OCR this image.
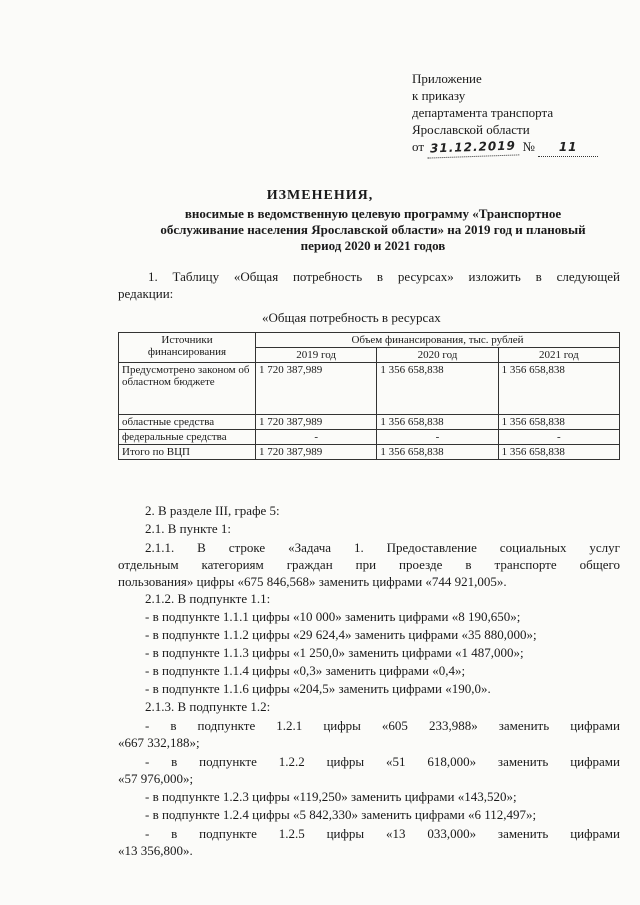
Приложение
к приказу
департамента транспорта
Ярославской области
от 31.12.2019 № 11
ИЗМЕНЕНИЯ,
вносимые в ведомственную целевую программу «Транспортное
обслуживание населения Ярославской области» на 2019 год и плановый
период 2020 и 2021 годов
1. Таблицу «Общая потребность в ресурсах» изложить в следующей
редакции:
«Общая потребность в ресурсах
Источники финансирования	Объем финансирования, тыс. рублей		
	2019 год	2020 год	2021 год
Предусмотрено законом об областном бюджете	1 720 387,989	1 356 658,838	1 356 658,838
областные средства	1 720 387,989	1 356 658,838	1 356 658,838
федеральные средства	-	-	-
Итого по ВЦП	1 720 387,989	1 356 658,838	1 356 658,838
2. В разделе III, графе 5:
2.1. В пункте 1:
2.1.1. В строке «Задача 1. Предоставление социальных услуг
отдельным категориям граждан при проезде в транспорте общего
пользования» цифры «675 846,568» заменить цифрами «744 921,005».
2.1.2. В подпункте 1.1:
- в подпункте 1.1.1 цифры «10 000» заменить цифрами «8 190,650»;
- в подпункте 1.1.2 цифры «29 624,4» заменить цифрами «35 880,000»;
- в подпункте 1.1.3 цифры «1 250,0» заменить цифрами «1 487,000»;
- в подпункте 1.1.4 цифры «0,3» заменить цифрами «0,4»;
- в подпункте 1.1.6 цифры «204,5» заменить цифрами «190,0».
2.1.3. В подпункте 1.2:
- в подпункте 1.2.1 цифры «605 233,988» заменить цифрами
«667 332,188»;
- в подпункте 1.2.2 цифры «51 618,000» заменить цифрами
«57 976,000»;
- в подпункте 1.2.3 цифры «119,250» заменить цифрами «143,520»;
- в подпункте 1.2.4 цифры «5 842,330» заменить цифрами «6 112,497»;
- в подпункте 1.2.5 цифры «13 033,000» заменить цифрами
«13 356,800».
